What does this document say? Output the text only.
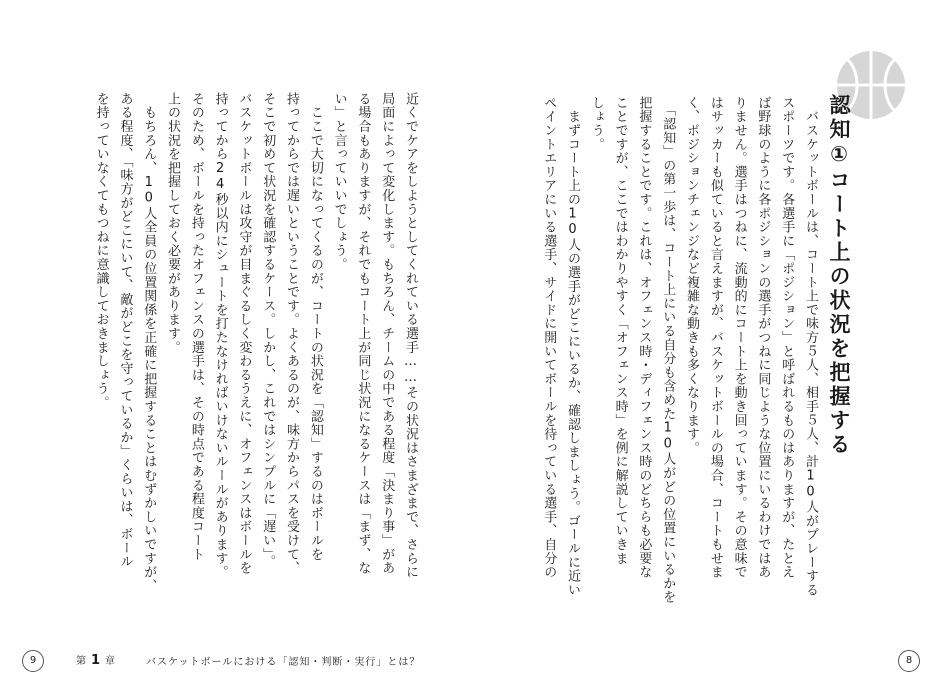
近くでケアをしようとしてくれている選手……その状況はさまざまで、さらに
局面によって変化します。もちろん、チームの中である程度「決まり事」があ
る場合もありますが、それでもコート上が同じ状況になるケースは「まず、な
い」と言っていいでしょう。
　ここで大切になってくるのが、コートの状況を「認知」するのはボールを
持ってからでは遅いということです。よくあるのが、味方からパスを受けて、
そこで初めて状況を確認するケース。しかし、これではシンプルに「遅い」。
バスケットボールは攻守が目まぐるしく変わるうえに、オフェンスはボールを
持ってから24秒以内にシュートを打たなければいけないルールがあります。
そのため、ボールを持ったオフェンスの選手は、その時点である程度コート
上の状況を把握しておく必要があります。
　もちろん、10人全員の位置関係を正確に把握することはむずかしいですが、
ある程度、「味方がどこにいて、敵がどこを守っているか」くらいは、ボール
を持っていなくてもつねに意識しておきましょう。
9	第 1 章	バスケットボールにおける「認知・判断・実行」とは？
認知①コート上の状況を把握する
　バスケットボールは、コート上で味方５人、相手５人、計10人がプレーする
スポーツです。各選手に「ポジション」と呼ばれるものはありますが、たとえ
ば野球のように各ポジションの選手がつねに同じような位置にいるわけではあ
りません。選手はつねに、流動的にコート上を動き回っています。その意味で
はサッカーも似ていると言えますが、バスケットボールの場合、コートもせま
く、ポジションチェンジなど複雑な動きも多くなります。
　「認知」の第一歩は、コート上にいる自分も含めた10人がどの位置にいるかを
把握することです。これは、オフェンス時・ディフェンス時のどちらも必要な
ことですが、ここではわかりやすく「オフェンス時」を例に解説していきま
しょう。
　まずコート上の10人の選手がどこにいるか、確認しましょう。ゴールに近い
ペイントエリアにいる選手、サイドに開いてボールを待っている選手、自分の
8
